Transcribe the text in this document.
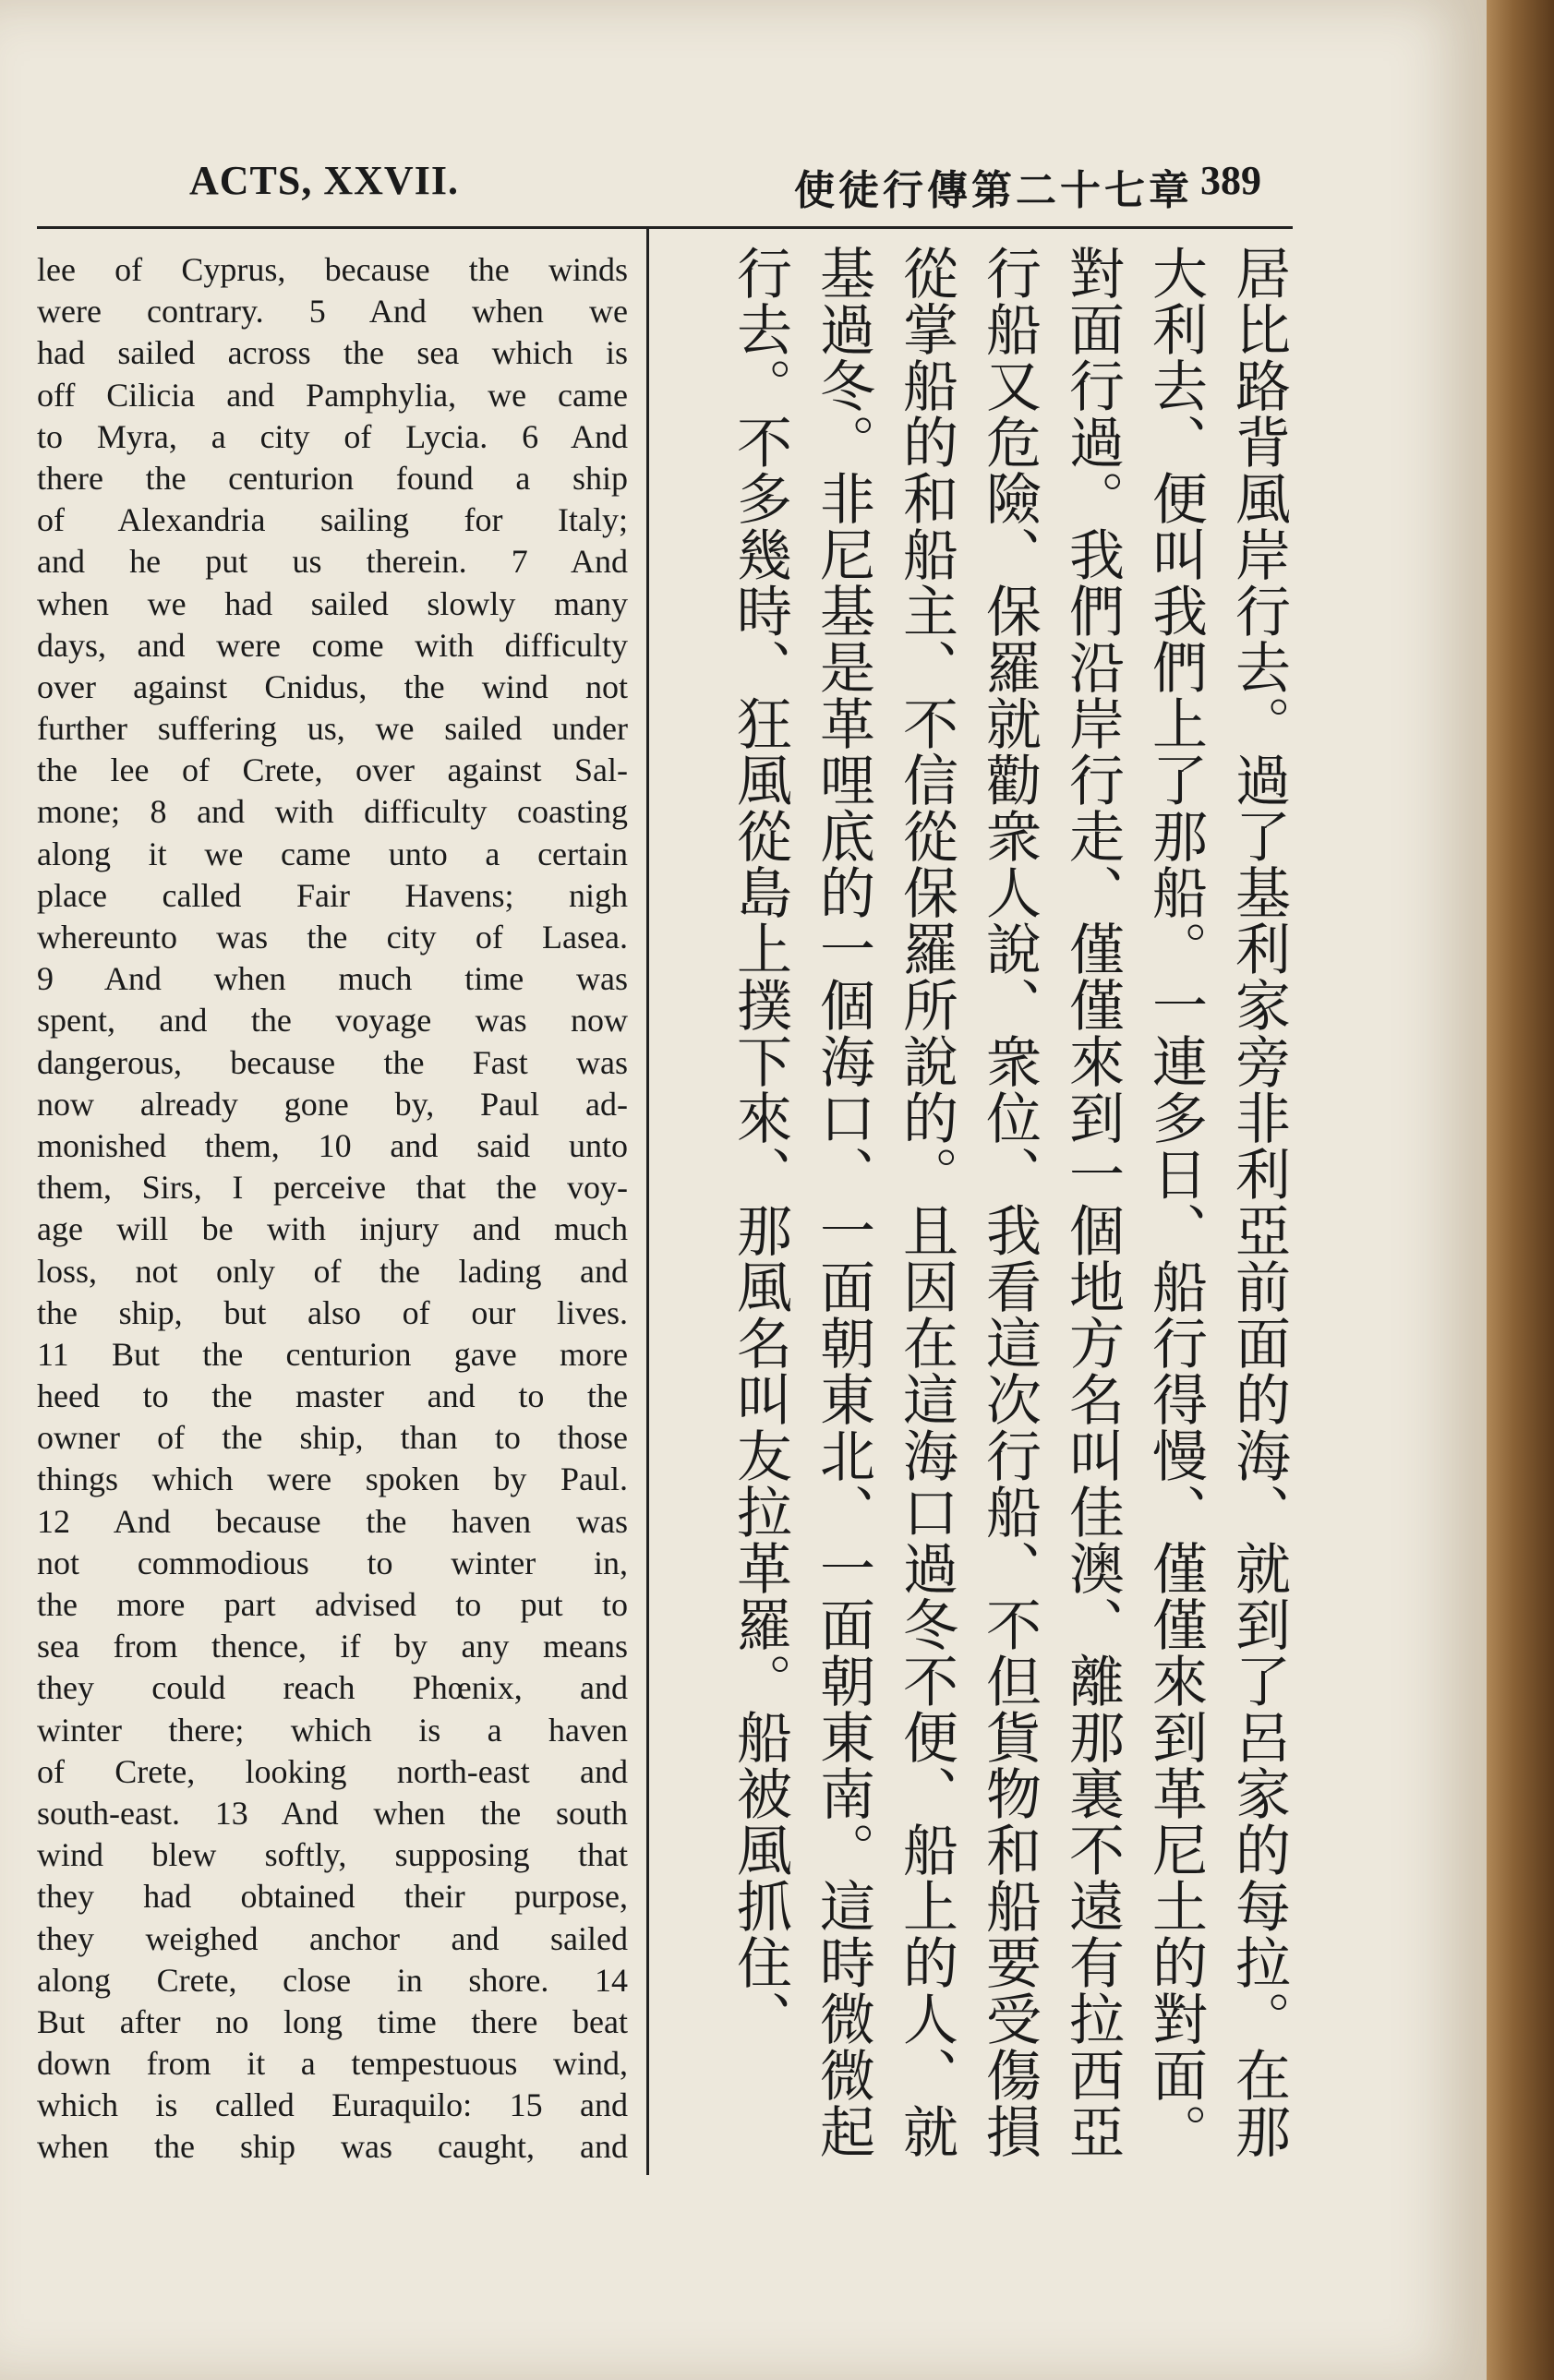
ACTS, XXVII.	使徒行傳第二十七章 389
lee of Cyprus, because the winds
were contrary. 5 And when we
had sailed across the sea which is
off Cilicia and Pamphylia, we came
to Myra, a city of Lycia. 6 And
there the centurion found a ship
of Alexandria sailing for Italy;
and he put us therein. 7 And
when we had sailed slowly many
days, and were come with difficulty
over against Cnidus, the wind not
further suffering us, we sailed under
the lee of Crete, over against Sal-
mone; 8 and with difficulty coasting
along it we came unto a certain
place called Fair Havens; nigh
whereunto was the city of Lasea.
9 And when much time was
spent, and the voyage was now
dangerous, because the Fast was
now already gone by, Paul ad-
monished them, 10 and said unto
them, Sirs, I perceive that the voy-
age will be with injury and much
loss, not only of the lading and
the ship, but also of our lives.
11 But the centurion gave more
heed to the master and to the
owner of the ship, than to those
things which were spoken by Paul.
12 And because the haven was
not commodious to winter in,
the more part advised to put to
sea from thence, if by any means
they could reach Phœnix, and
winter there; which is a haven
of Crete, looking north-east and
south-east. 13 And when the south
wind blew softly, supposing that
they had obtained their purpose,
they weighed anchor and sailed
along Crete, close in shore. 14
But after no long time there beat
down from it a tempestuous wind,
which is called Euraquilo: 15 and
when the ship was caught, and
居比路背風岸行去。過了基利家旁非利亞前面的海、就到了呂家的每拉。在那
大利去、便叫我們上了那船。一連多日、船行得慢、僅僅來到革尼土的對面。
對面行過。我們沿岸行走、僅僅來到一個地方名叫佳澳、離那裏不遠有拉西亞
行船又危險、保羅就勸衆人說、衆位、我看這次行船、不但貨物和船要受傷損
從掌船的和船主、不信從保羅所說的。且因在這海口過冬不便、船上的人、就
基過冬。非尼基是革哩底的一個海口、一面朝東北、一面朝東南。這時微微起
行去。不多幾時、狂風從島上撲下來、那風名叫友拉革羅。船被風抓住、
